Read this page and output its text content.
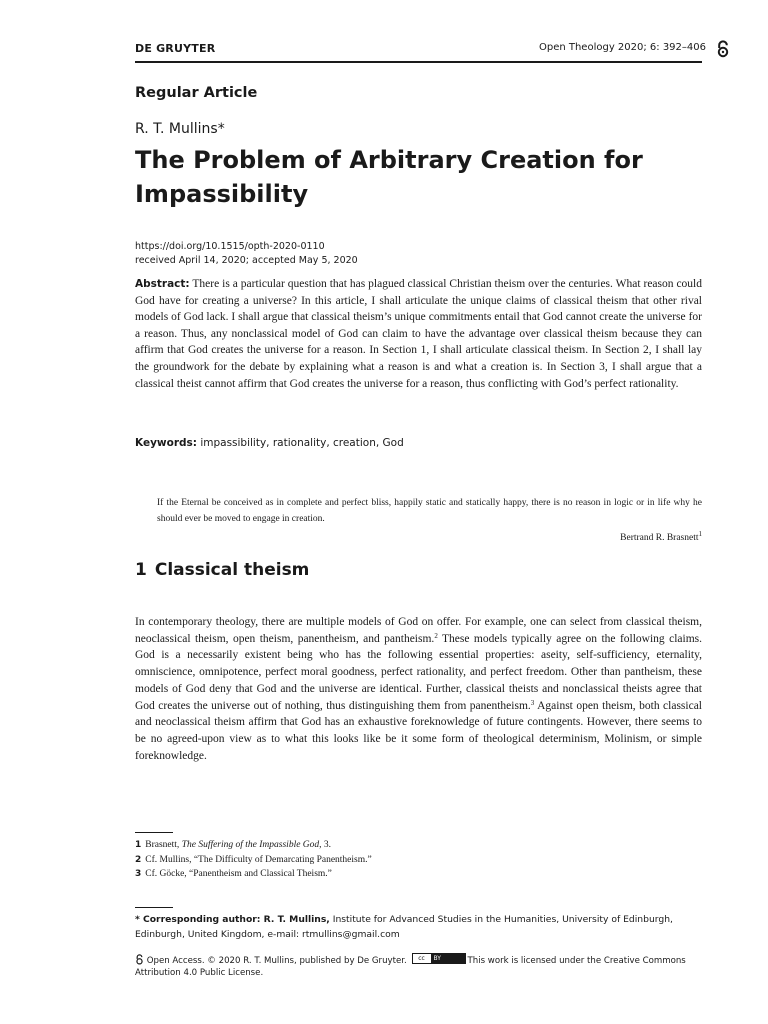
DE GRUYTER	Open Theology 2020; 6: 392–406
Regular Article
R. T. Mullins*
The Problem of Arbitrary Creation for Impassibility
https://doi.org/10.1515/opth-2020-0110
received April 14, 2020; accepted May 5, 2020

Abstract: There is a particular question that has plagued classical Christian theism over the centuries. What reason could God have for creating a universe? In this article, I shall articulate the unique claims of classical theism that other rival models of God lack. I shall argue that classical theism’s unique commitments entail that God cannot create the universe for a reason. Thus, any nonclassical model of God can claim to have the advantage over classical theism because they can affirm that God creates the universe for a reason. In Section 1, I shall articulate classical theism. In Section 2, I shall lay the groundwork for the debate by explaining what a reason is and what a creation is. In Section 3, I shall argue that a classical theist cannot affirm that God creates the universe for a reason, thus conflicting with God’s perfect rationality.

Keywords: impassibility, rationality, creation, God

If the Eternal be conceived as in complete and perfect bliss, happily static and statically happy, there is no reason in logic or in life why he should ever be moved to engage in creation.

Bertrand R. Brasnett$^1$
1 Classical theism

In contemporary theology, there are multiple models of God on offer. For example, one can select from classical theism, neoclassical theism, open theism, panentheism, and pantheism.$^2$ These models typically agree on the following claims. God is a necessarily existent being who has the following essential properties: aseity, self-sufficiency, eternality, omniscience, omnipotence, perfect moral goodness, perfect rationality, and perfect freedom. Other than pantheism, these models of God deny that God and the universe are identical. Further, classical theists and nonclassical theists agree that God creates the universe out of nothing, thus distinguishing them from panentheism.$^3$ Against open theism, both classical and neoclassical theism affirm that God has an exhaustive foreknowledge of future contingents. However, there seems to be no agreed-upon view as to what this looks like be it some form of theological determinism, Molinism, or simple foreknowledge.

1 Brasnett, The Suffering of the Impassible God, 3.
2 Cf. Mullins, “The Difficulty of Demarcating Panentheism.”
3 Cf. Göcke, “Panentheism and Classical Theism.”

* Corresponding author: R. T. Mullins, Institute for Advanced Studies in the Humanities, University of Edinburgh, Edinburgh, United Kingdom, e-mail: rtmullins@gmail.com

Open Access. © 2020 R. T. Mullins, published by De Gruyter.	cc	BY	This work is licensed under the Creative Commons Attribution 4.0 Public License.
